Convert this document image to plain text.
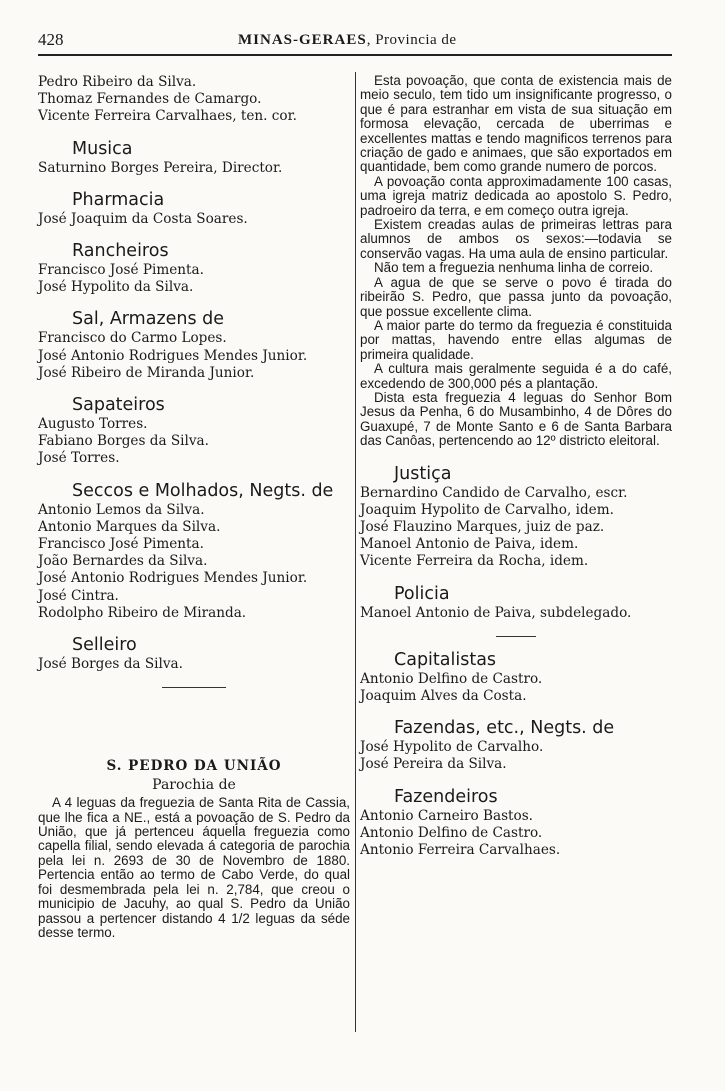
428	MINAS-GERAES, Provincia de
Pedro Ribeiro da Silva.
Thomaz Fernandes de Camargo.
Vicente Ferreira Carvalhaes, ten. cor.
Musica
Saturnino Borges Pereira, Director.
Pharmacia
José Joaquim da Costa Soares.
Rancheiros
Francisco José Pimenta.
José Hypolito da Silva.
Sal, Armazens de
Francisco do Carmo Lopes.
José Antonio Rodrigues Mendes Junior.
José Ribeiro de Miranda Junior.
Sapateiros
Augusto Torres.
Fabiano Borges da Silva.
José Torres.
Seccos e Molhados, Negts. de
Antonio Lemos da Silva.
Antonio Marques da Silva.
Francisco José Pimenta.
João Bernardes da Silva.
José Antonio Rodrigues Mendes Junior.
José Cintra.
Rodolpho Ribeiro de Miranda.
Selleiro
José Borges da Silva.
S. PEDRO DA UNIÃO
Parochia de
A 4 leguas da freguezia de Santa Rita de Cassia, que lhe fica a NE., está a povoação de S. Pedro da União, que já pertenceu áquella freguezia como capella filial, sendo elevada á categoria de parochia pela lei n. 2693 de 30 de Novembro de 1880. Pertencia então ao termo de Cabo Verde, do qual foi desmembrada pela lei n. 2,784, que creou o municipio de Jacuhy, ao qual S. Pedro da União passou a pertencer distando 4 1/2 leguas da séde desse termo.
Esta povoação, que conta de existencia mais de meio seculo, tem tido um insignificante progresso, o que é para estranhar em vista de sua situação em formosa elevação, cercada de uberrimas e excellentes mattas e tendo magnificos terrenos para criação de gado e animaes, que são exportados em quantidade, bem como grande numero de porcos.
A povoação conta approximadamente 100 casas, uma igreja matriz dedicada ao apostolo S. Pedro, padroeiro da terra, e em começo outra igreja.
Existem creadas aulas de primeiras lettras para alumnos de ambos os sexos:—todavia se conservão vagas. Ha uma aula de ensino particular.
Não tem a freguezia nenhuma linha de correio.
A agua de que se serve o povo é tirada do ribeirão S. Pedro, que passa junto da povoação, que possue excellente clima.
A maior parte do termo da freguezia é constituida por mattas, havendo entre ellas algumas de primeira qualidade.
A cultura mais geralmente seguida é a do café, excedendo de 300,000 pés a plantação.
Dista esta freguezia 4 leguas do Senhor Bom Jesus da Penha, 6 do Musambinho, 4 de Dôres do Guaxupé, 7 de Monte Santo e 6 de Santa Barbara das Canôas, pertencendo ao 12º districto eleitoral.
Justiça
Bernardino Candido de Carvalho, escr.
Joaquim Hypolito de Carvalho, idem.
José Flauzino Marques, juiz de paz.
Manoel Antonio de Paiva, idem.
Vicente Ferreira da Rocha, idem.
Policia
Manoel Antonio de Paiva, subdelegado.
Capitalistas
Antonio Delfino de Castro.
Joaquim Alves da Costa.
Fazendas, etc., Negts. de
José Hypolito de Carvalho.
José Pereira da Silva.
Fazendeiros
Antonio Carneiro Bastos.
Antonio Delfino de Castro.
Antonio Ferreira Carvalhaes.
